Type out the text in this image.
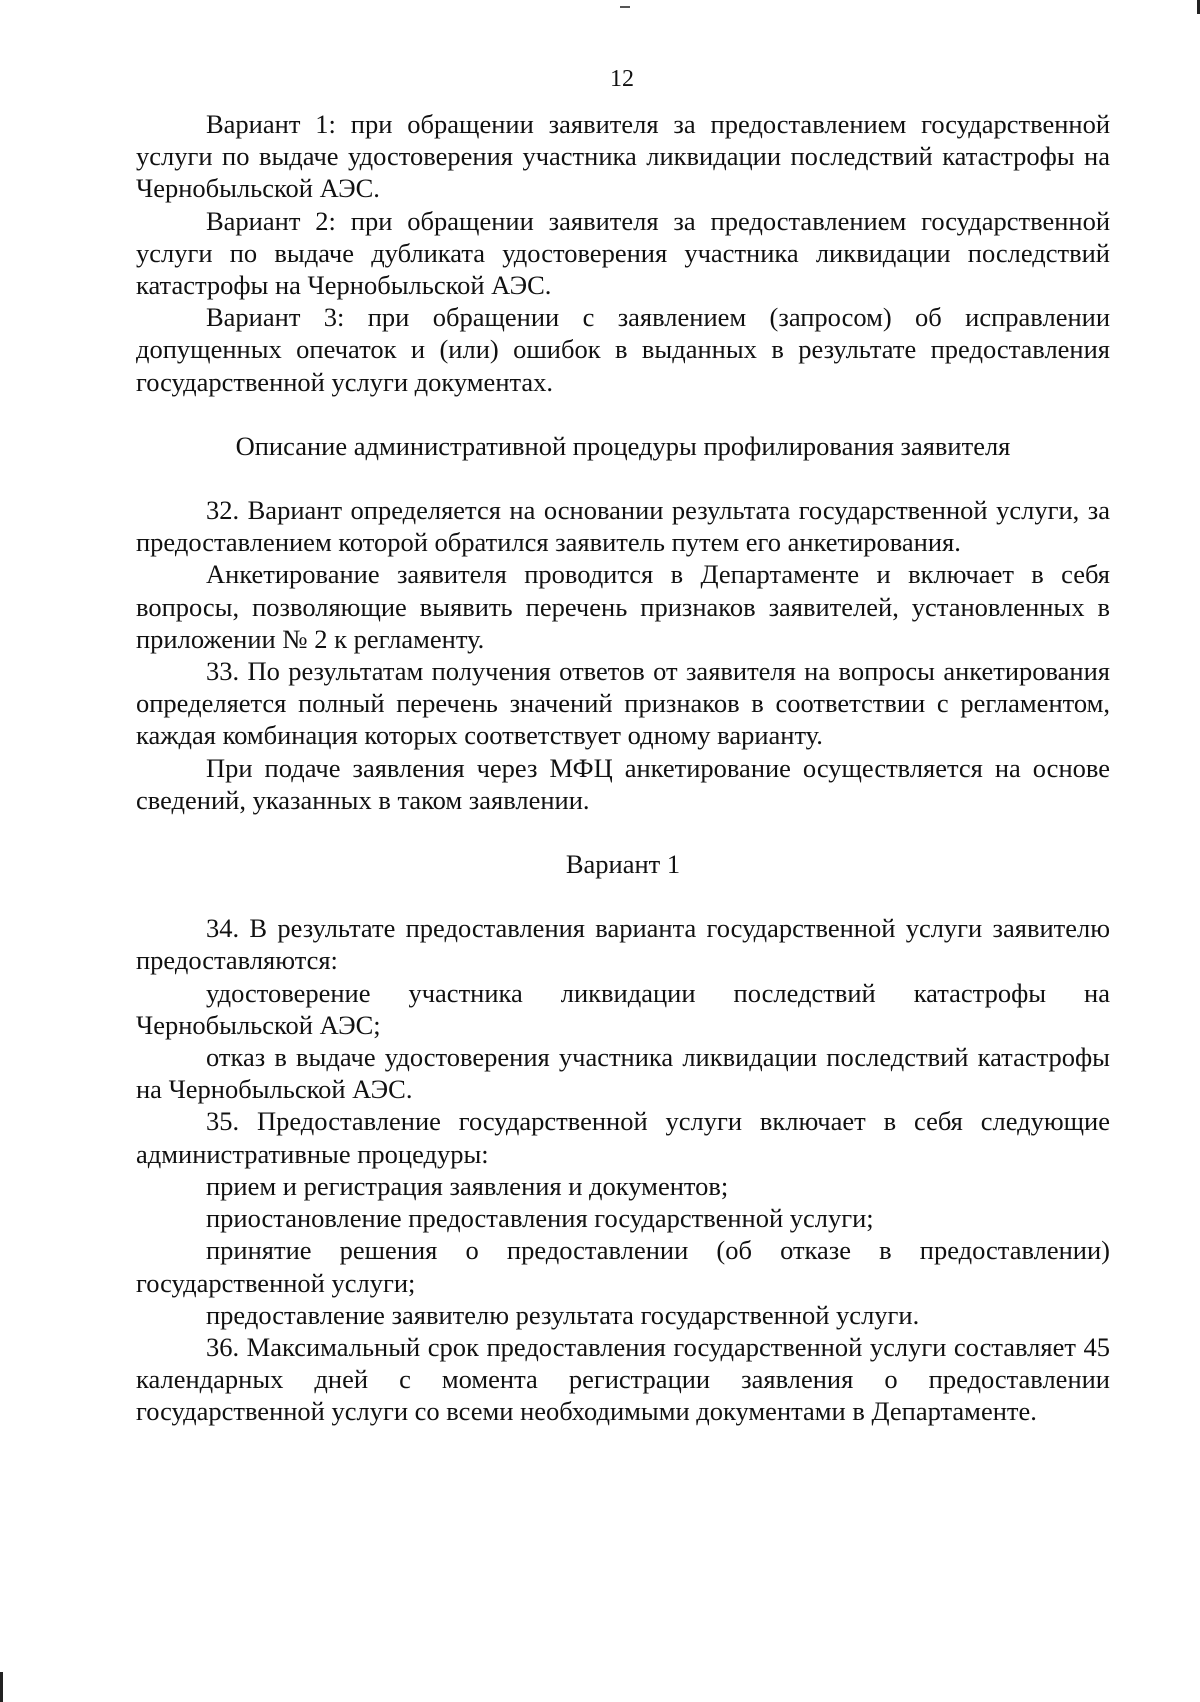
12

Вариант 1: при обращении заявителя за предоставлением государственной услуги по выдаче удостоверения участника ликвидации последствий катастрофы на Чернобыльской АЭС.

Вариант 2: при обращении заявителя за предоставлением государственной услуги по выдаче дубликата удостоверения участника ликвидации последствий катастрофы на Чернобыльской АЭС.

Вариант 3: при обращении с заявлением (запросом) об исправлении допущенных опечаток и (или) ошибок в выданных в результате предоставления государственной услуги документах.

Описание административной процедуры профилирования заявителя

32. Вариант определяется на основании результата государственной услуги, за предоставлением которой обратился заявитель путем его анкетирования.

Анкетирование заявителя проводится в Департаменте и включает в себя вопросы, позволяющие выявить перечень признаков заявителей, установленных в приложении № 2 к регламенту.

33. По результатам получения ответов от заявителя на вопросы анкетирования определяется полный перечень значений признаков в соответствии с регламентом, каждая комбинация которых соответствует одному варианту.

При подаче заявления через МФЦ анкетирование осуществляется на основе сведений, указанных в таком заявлении.

Вариант 1

34. В результате предоставления варианта государственной услуги заявителю предоставляются:

удостоверение участника ликвидации последствий катастрофы на Чернобыльской АЭС;

отказ в выдаче удостоверения участника ликвидации последствий катастрофы на Чернобыльской АЭС.

35. Предоставление государственной услуги включает в себя следующие административные процедуры:

прием и регистрация заявления и документов;

приостановление предоставления государственной услуги;

принятие решения о предоставлении (об отказе в предоставлении) государственной услуги;

предоставление заявителю результата государственной услуги.

36. Максимальный срок предоставления государственной услуги составляет 45 календарных дней с момента регистрации заявления о предоставлении государственной услуги со всеми необходимыми документами в Департаменте.
